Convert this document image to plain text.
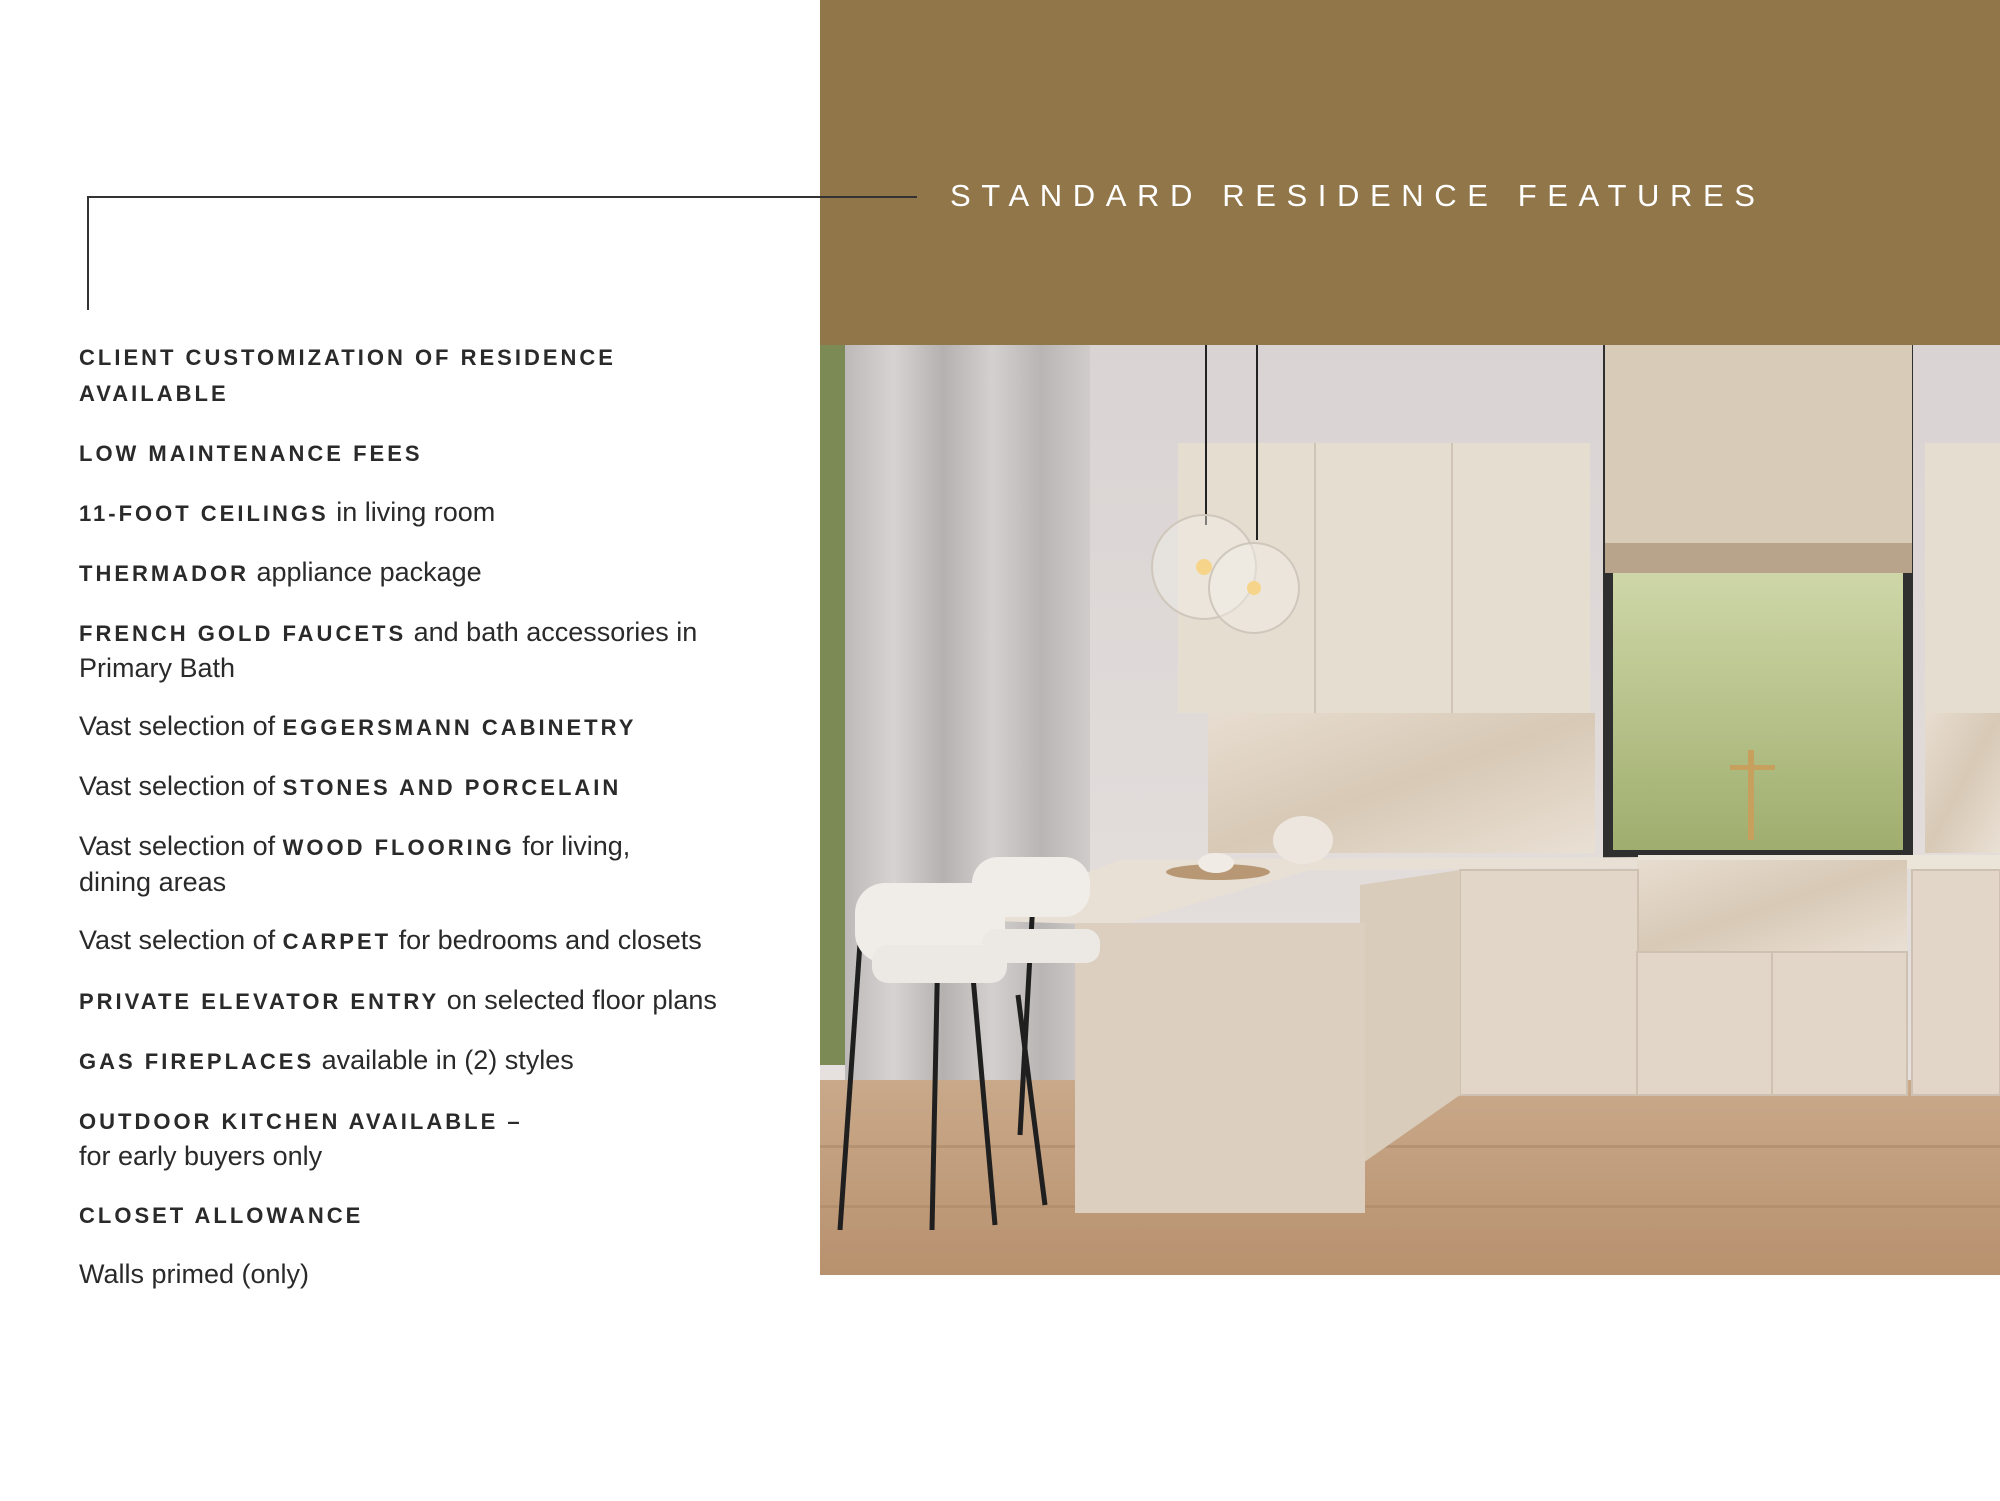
STANDARD RESIDENCE FEATURES
CLIENT CUSTOMIZATION OF RESIDENCE AVAILABLE
LOW MAINTENANCE FEES
11-FOOT CEILINGS in living room
THERMADOR appliance package
FRENCH GOLD FAUCETS and bath accessories in Primary Bath
Vast selection of EGGERSMANN CABINETRY
Vast selection of STONES AND PORCELAIN
Vast selection of WOOD FLOORING for living, dining areas
Vast selection of CARPET for bedrooms and closets
PRIVATE ELEVATOR ENTRY on selected floor plans
GAS FIREPLACES available in (2) styles
OUTDOOR KITCHEN AVAILABLE –
for early buyers only
CLOSET ALLOWANCE
Walls primed (only)
